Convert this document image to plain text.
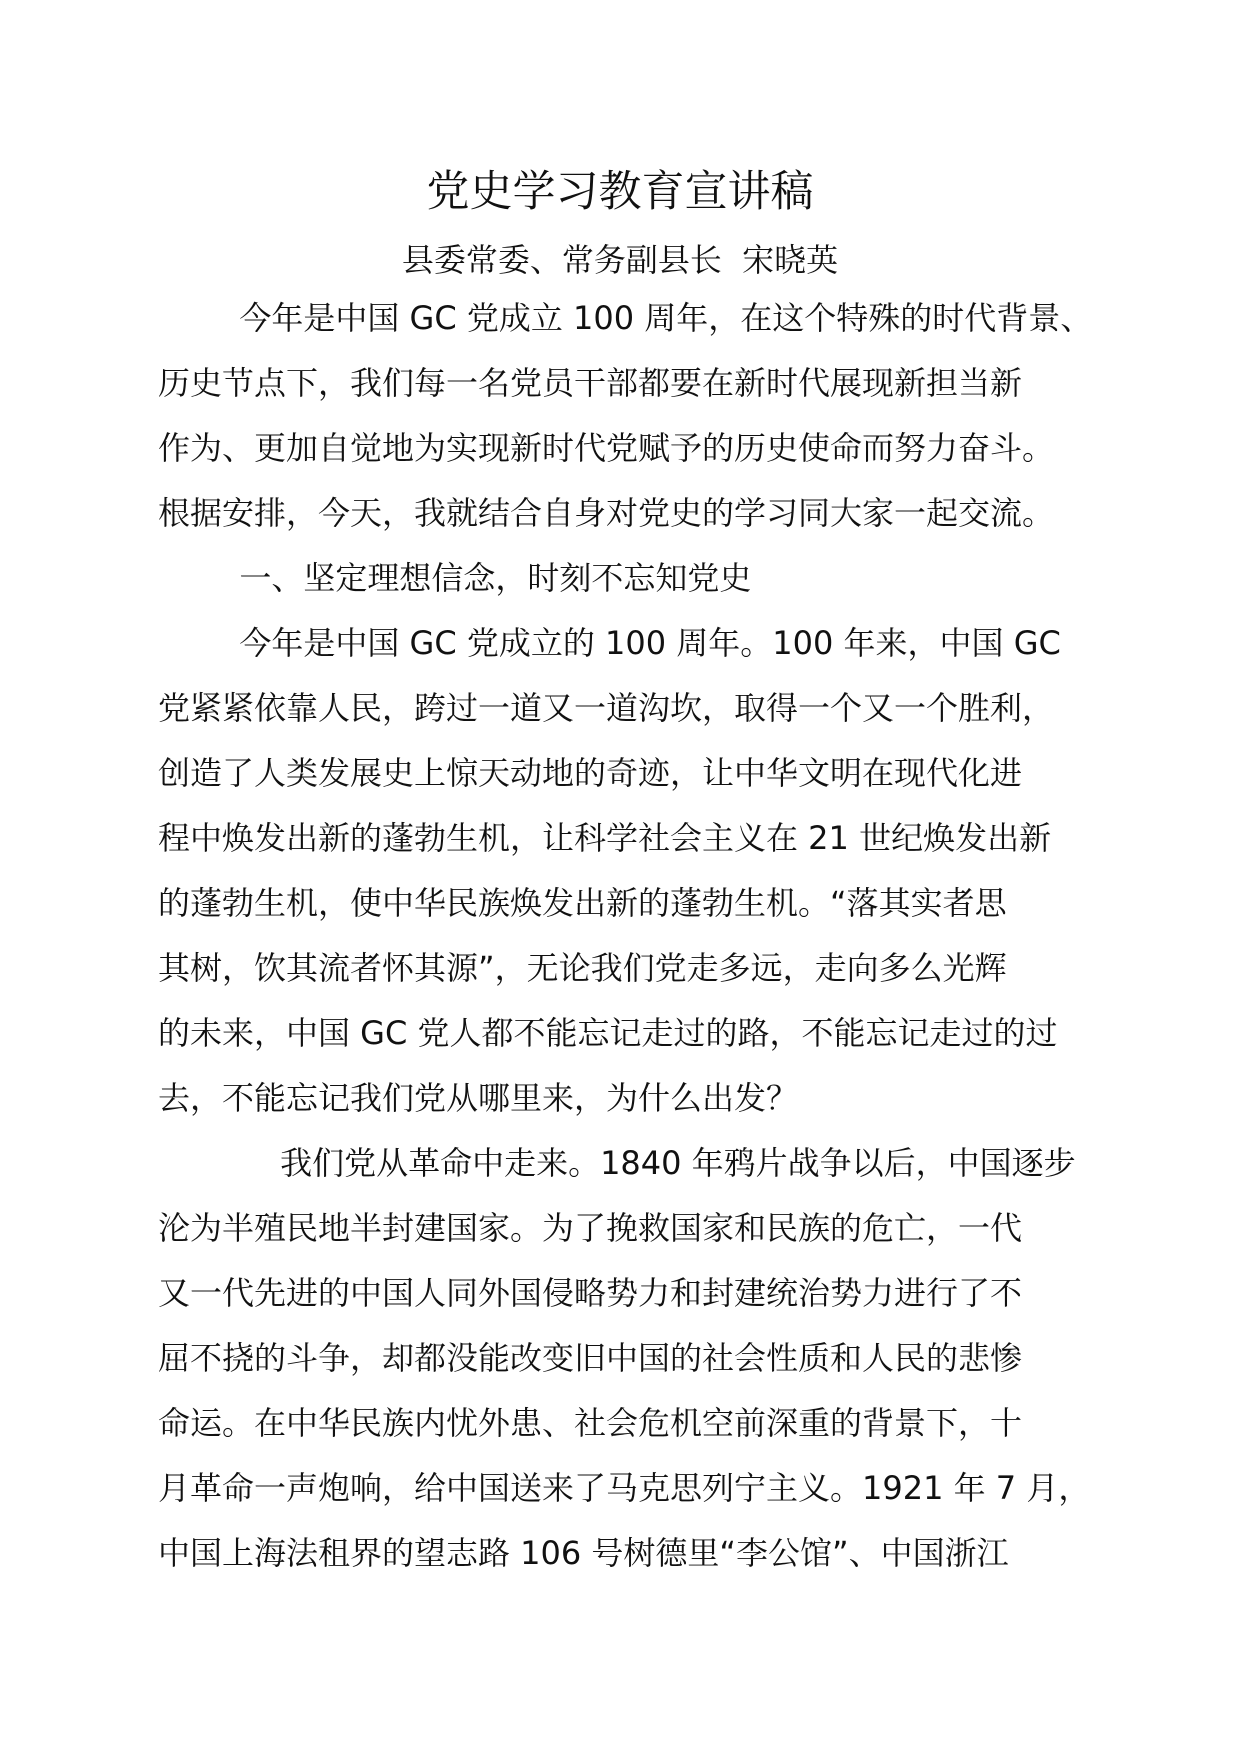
党史学习教育宣讲稿
县委常委、常务副县长  宋晓英
今年是中国 GC 党成立 100 周年，在这个特殊的时代背景、
历史节点下，我们每一名党员干部都要在新时代展现新担当新
作为、更加自觉地为实现新时代党赋予的历史使命而努力奋斗。
根据安排，今天，我就结合自身对党史的学习同大家一起交流。
一、坚定理想信念，时刻不忘知党史
今年是中国 GC 党成立的 100 周年。100 年来，中国 GC
党紧紧依靠人民，跨过一道又一道沟坎，取得一个又一个胜利，
创造了人类发展史上惊天动地的奇迹，让中华文明在现代化进
程中焕发出新的蓬勃生机，让科学社会主义在 21 世纪焕发出新
的蓬勃生机，使中华民族焕发出新的蓬勃生机。“落其实者思
其树，饮其流者怀其源”，无论我们党走多远，走向多么光辉
的未来，中国 GC 党人都不能忘记走过的路，不能忘记走过的过
去，不能忘记我们党从哪里来，为什么出发？
我们党从革命中走来。1840 年鸦片战争以后，中国逐步
沦为半殖民地半封建国家。为了挽救国家和民族的危亡，一代
又一代先进的中国人同外国侵略势力和封建统治势力进行了不
屈不挠的斗争，却都没能改变旧中国的社会性质和人民的悲惨
命运。在中华民族内忧外患、社会危机空前深重的背景下，十
月革命一声炮响，给中国送来了马克思列宁主义。1921 年 7 月，
中国上海法租界的望志路 106 号树德里“李公馆”、中国浙江
